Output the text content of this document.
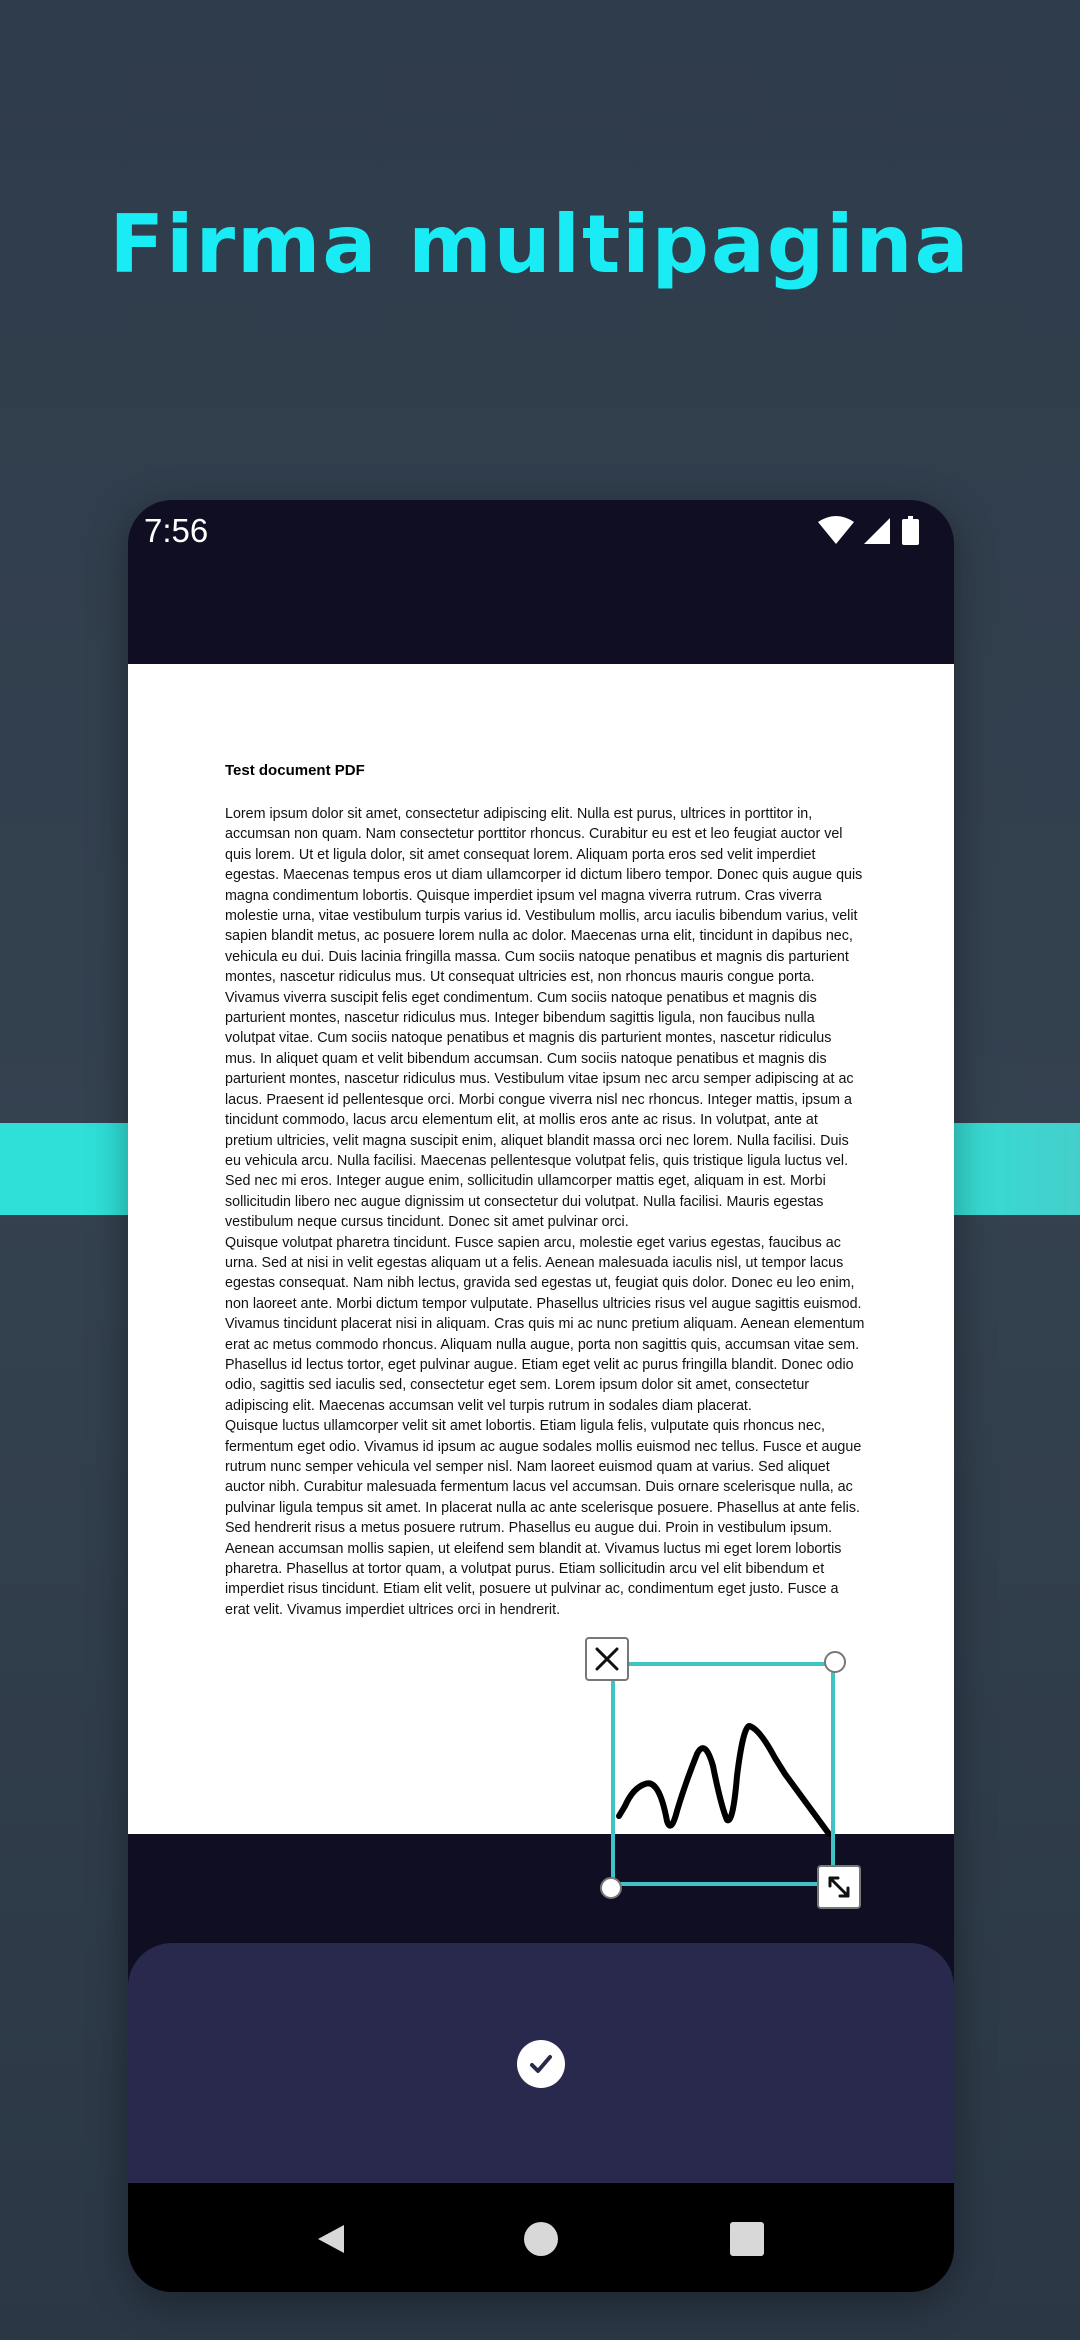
Firma multipagina
7:56

Test document PDF

Lorem ipsum dolor sit amet, consectetur adipiscing elit. Nulla est purus, ultrices in porttitor in, accumsan non quam. Nam consectetur porttitor rhoncus. Curabitur eu est et leo feugiat auctor vel quis lorem. Ut et ligula dolor, sit amet consequat lorem. Aliquam porta eros sed velit imperdiet egestas. Maecenas tempus eros ut diam ullamcorper id dictum libero tempor. Donec quis augue quis magna condimentum lobortis. Quisque imperdiet ipsum vel magna viverra rutrum. Cras viverra molestie urna, vitae vestibulum turpis varius id. Vestibulum mollis, arcu iaculis bibendum varius, velit sapien blandit metus, ac posuere lorem nulla ac dolor. Maecenas urna elit, tincidunt in dapibus nec, vehicula eu dui. Duis lacinia fringilla massa. Cum sociis natoque penatibus et magnis dis parturient montes, nascetur ridiculus mus. Ut consequat ultricies est, non rhoncus mauris congue porta. Vivamus viverra suscipit felis eget condimentum. Cum sociis natoque penatibus et magnis dis parturient montes, nascetur ridiculus mus. Integer bibendum sagittis ligula, non faucibus nulla volutpat vitae. Cum sociis natoque penatibus et magnis dis parturient montes, nascetur ridiculus mus. In aliquet quam et velit bibendum accumsan. Cum sociis natoque penatibus et magnis dis parturient montes, nascetur ridiculus mus. Vestibulum vitae ipsum nec arcu semper adipiscing at ac lacus. Praesent id pellentesque orci. Morbi congue viverra nisl nec rhoncus. Integer mattis, ipsum a tincidunt commodo, lacus arcu elementum elit, at mollis eros ante ac risus. In volutpat, ante at pretium ultricies, velit magna suscipit enim, aliquet blandit massa orci nec lorem. Nulla facilisi. Duis eu vehicula arcu. Nulla facilisi. Maecenas pellentesque volutpat felis, quis tristique ligula luctus vel. Sed nec mi eros. Integer augue enim, sollicitudin ullamcorper mattis eget, aliquam in est. Morbi sollicitudin libero nec augue dignissim ut consectetur dui volutpat. Nulla facilisi. Mauris egestas vestibulum neque cursus tincidunt. Donec sit amet pulvinar orci.

Quisque volutpat pharetra tincidunt. Fusce sapien arcu, molestie eget varius egestas, faucibus ac urna. Sed at nisi in velit egestas aliquam ut a felis. Aenean malesuada iaculis nisl, ut tempor lacus egestas consequat. Nam nibh lectus, gravida sed egestas ut, feugiat quis dolor. Donec eu leo enim, non laoreet ante. Morbi dictum tempor vulputate. Phasellus ultricies risus vel augue sagittis euismod. Vivamus tincidunt placerat nisi in aliquam. Cras quis mi ac nunc pretium aliquam. Aenean elementum erat ac metus commodo rhoncus. Aliquam nulla augue, porta non sagittis quis, accumsan vitae sem. Phasellus id lectus tortor, eget pulvinar augue. Etiam eget velit ac purus fringilla blandit. Donec odio odio, sagittis sed iaculis sed, consectetur eget sem. Lorem ipsum dolor sit amet, consectetur adipiscing elit. Maecenas accumsan velit vel turpis rutrum in sodales diam placerat.

Quisque luctus ullamcorper velit sit amet lobortis. Etiam ligula felis, vulputate quis rhoncus nec, fermentum eget odio. Vivamus id ipsum ac augue sodales mollis euismod nec tellus. Fusce et augue rutrum nunc semper vehicula vel semper nisl. Nam laoreet euismod quam at varius. Sed aliquet auctor nibh. Curabitur malesuada fermentum lacus vel accumsan. Duis ornare scelerisque nulla, ac pulvinar ligula tempus sit amet. In placerat nulla ac ante scelerisque posuere. Phasellus at ante felis. Sed hendrerit risus a metus posuere rutrum. Phasellus eu augue dui. Proin in vestibulum ipsum. Aenean accumsan mollis sapien, ut eleifend sem blandit at. Vivamus luctus mi eget lorem lobortis pharetra. Phasellus at tortor quam, a volutpat purus. Etiam sollicitudin arcu vel elit bibendum et imperdiet risus tincidunt. Etiam elit velit, posuere ut pulvinar ac, condimentum eget justo. Fusce a erat velit. Vivamus imperdiet ultrices orci in hendrerit.
